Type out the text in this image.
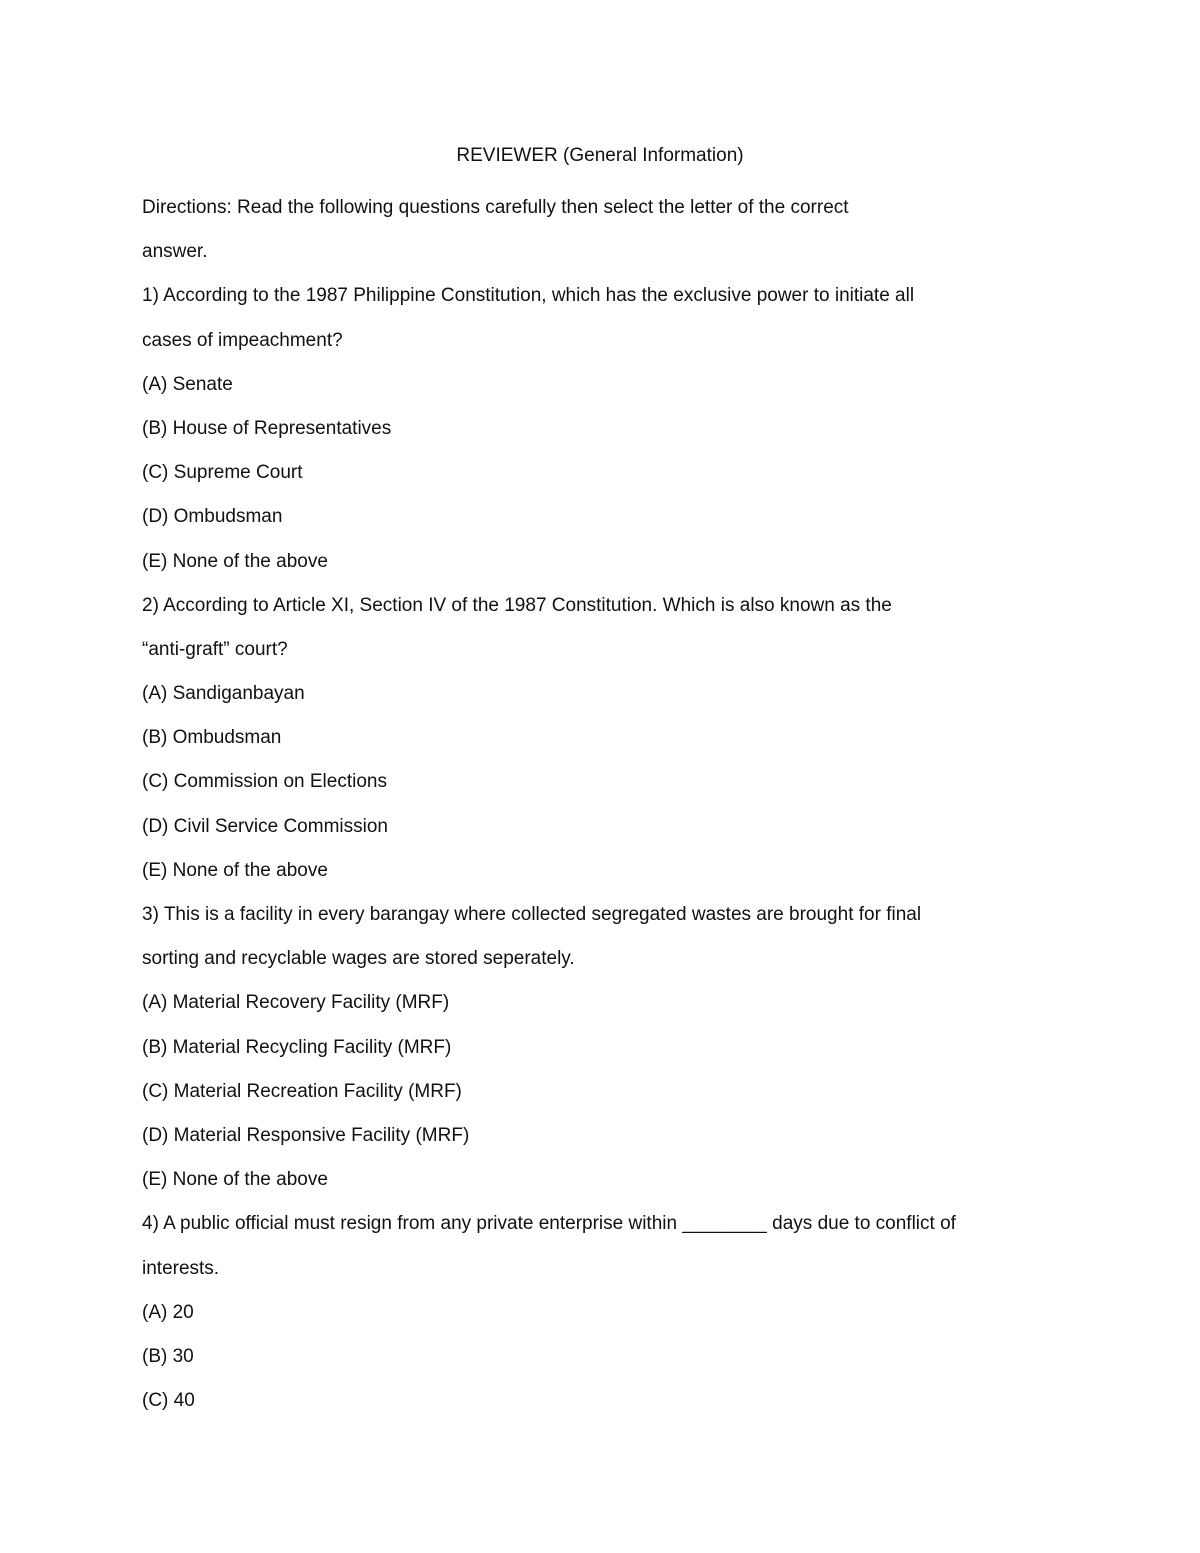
REVIEWER (General Information)
Directions: Read the following questions carefully then select the letter of the correct
answer.
1) According to the 1987 Philippine Constitution, which has the exclusive power to initiate all
cases of impeachment?
(A) Senate
(B) House of Representatives
(C) Supreme Court
(D) Ombudsman
(E) None of the above
2) According to Article XI, Section IV of the 1987 Constitution. Which is also known as the
“anti-graft” court?
(A) Sandiganbayan
(B) Ombudsman
(C) Commission on Elections
(D) Civil Service Commission
(E) None of the above
3) This is a facility in every barangay where collected segregated wastes are brought for final
sorting and recyclable wages are stored seperately.
(A) Material Recovery Facility (MRF)
(B) Material Recycling Facility (MRF)
(C) Material Recreation Facility (MRF)
(D) Material Responsive Facility (MRF)
(E) None of the above
4) A public official must resign from any private enterprise within ________ days due to conflict of
interests.
(A) 20
(B) 30
(C) 40
